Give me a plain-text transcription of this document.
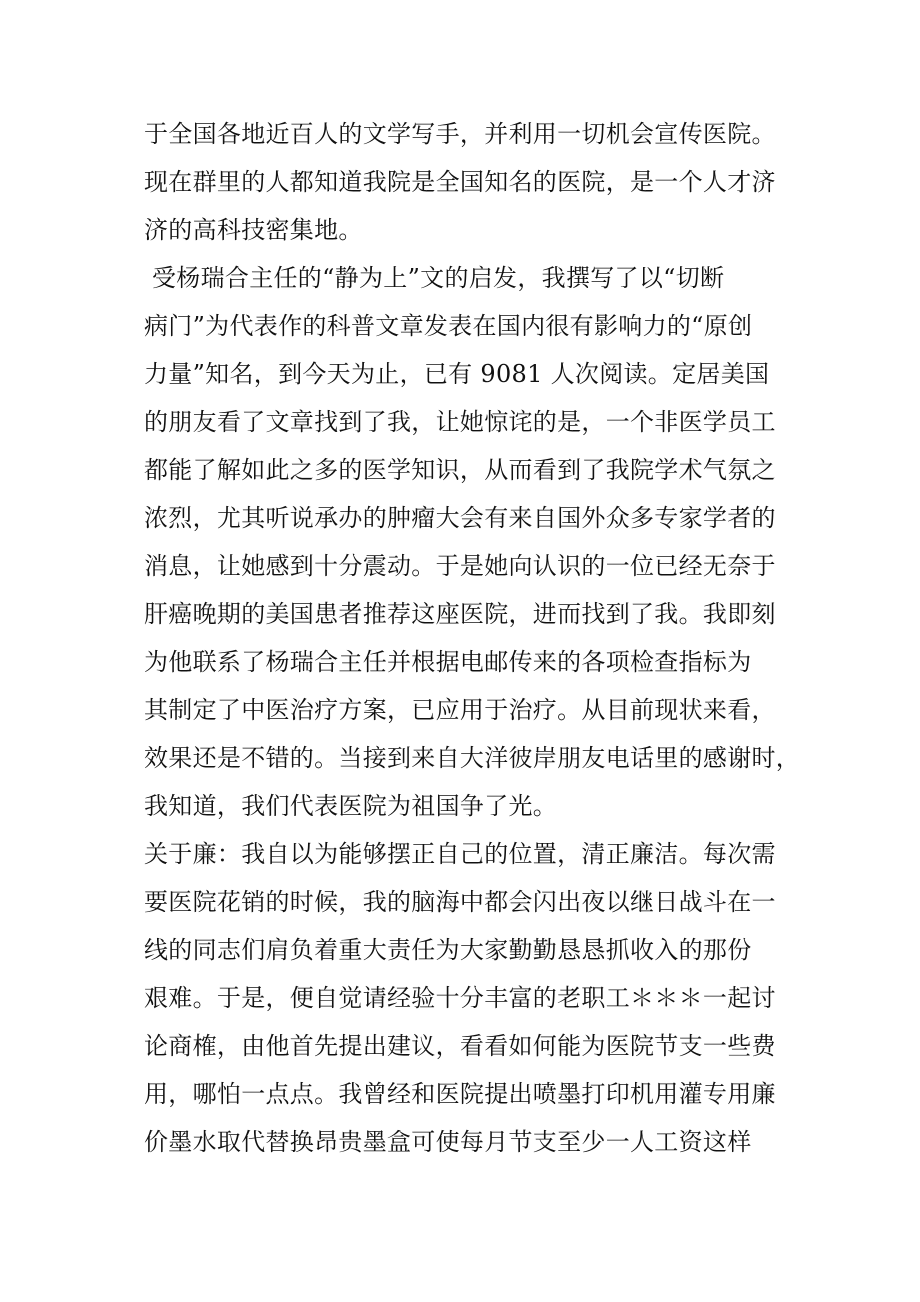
于全国各地近百人的文学写手，并利用一切机会宣传医院。
现在群里的人都知道我院是全国知名的医院，是一个人才济
济的高科技密集地。
受杨瑞合主任的“静为上”文的启发，我撰写了以“切断
病门”为代表作的科普文章发表在国内很有影响力的“原创
力量”知名，到今天为止，已有 9081 人次阅读。定居美国
的朋友看了文章找到了我，让她惊诧的是，一个非医学员工
都能了解如此之多的医学知识，从而看到了我院学术气氛之
浓烈，尤其听说承办的肿瘤大会有来自国外众多专家学者的
消息，让她感到十分震动。于是她向认识的一位已经无奈于
肝癌晚期的美国患者推荐这座医院，进而找到了我。我即刻
为他联系了杨瑞合主任并根据电邮传来的各项检查指标为
其制定了中医治疗方案，已应用于治疗。从目前现状来看，
效果还是不错的。当接到来自大洋彼岸朋友电话里的感谢时，
我知道，我们代表医院为祖国争了光。
关于廉：我自以为能够摆正自己的位置，清正廉洁。每次需
要医院花销的时候，我的脑海中都会闪出夜以继日战斗在一
线的同志们肩负着重大责任为大家勤勤恳恳抓收入的那份
艰难。于是，便自觉请经验十分丰富的老职工＊＊＊一起讨
论商榷，由他首先提出建议，看看如何能为医院节支一些费
用，哪怕一点点。我曾经和医院提出喷墨打印机用灌专用廉
价墨水取代替换昂贵墨盒可使每月节支至少一人工资这样
